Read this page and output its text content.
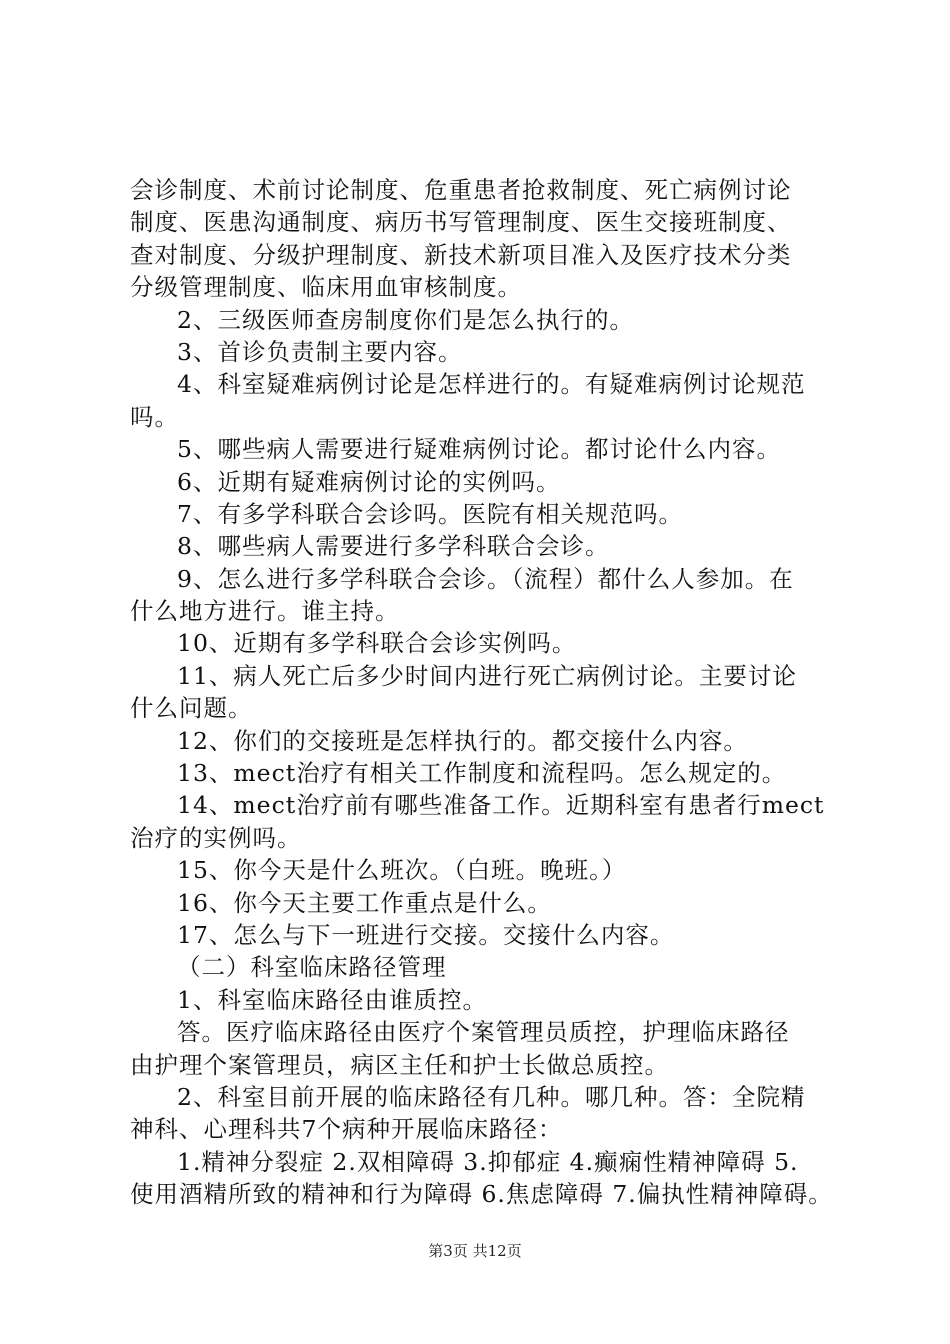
会诊制度、术前讨论制度、危重患者抢救制度、死亡病例讨论
制度、医患沟通制度、病历书写管理制度、医生交接班制度、
查对制度、分级护理制度、新技术新项目准入及医疗技术分类
分级管理制度、临床用血审核制度。
2、三级医师查房制度你们是怎么执行的。
3、首诊负责制主要内容。
4、科室疑难病例讨论是怎样进行的。有疑难病例讨论规范
吗。
5、哪些病人需要进行疑难病例讨论。都讨论什么内容。
6、近期有疑难病例讨论的实例吗。
7、有多学科联合会诊吗。医院有相关规范吗。
8、哪些病人需要进行多学科联合会诊。
9、怎么进行多学科联合会诊。（流程）都什么人参加。在
什么地方进行。谁主持。
10、近期有多学科联合会诊实例吗。
11、病人死亡后多少时间内进行死亡病例讨论。主要讨论
什么问题。
12、你们的交接班是怎样执行的。都交接什么内容。
13、mect治疗有相关工作制度和流程吗。怎么规定的。
14、mect治疗前有哪些准备工作。近期科室有患者行mect
治疗的实例吗。
15、你今天是什么班次。（白班。晚班。）
16、你今天主要工作重点是什么。
17、怎么与下一班进行交接。交接什么内容。
（二）科室临床路径管理
1、科室临床路径由谁质控。
答。医疗临床路径由医疗个案管理员质控，护理临床路径
由护理个案管理员，病区主任和护士长做总质控。
2、科室目前开展的临床路径有几种。哪几种。答：全院精
神科、心理科共7个病种开展临床路径：
1.精神分裂症 2.双相障碍 3.抑郁症 4.癫痫性精神障碍 5.
使用酒精所致的精神和行为障碍 6.焦虑障碍 7.偏执性精神障碍。
第3页 共12页
